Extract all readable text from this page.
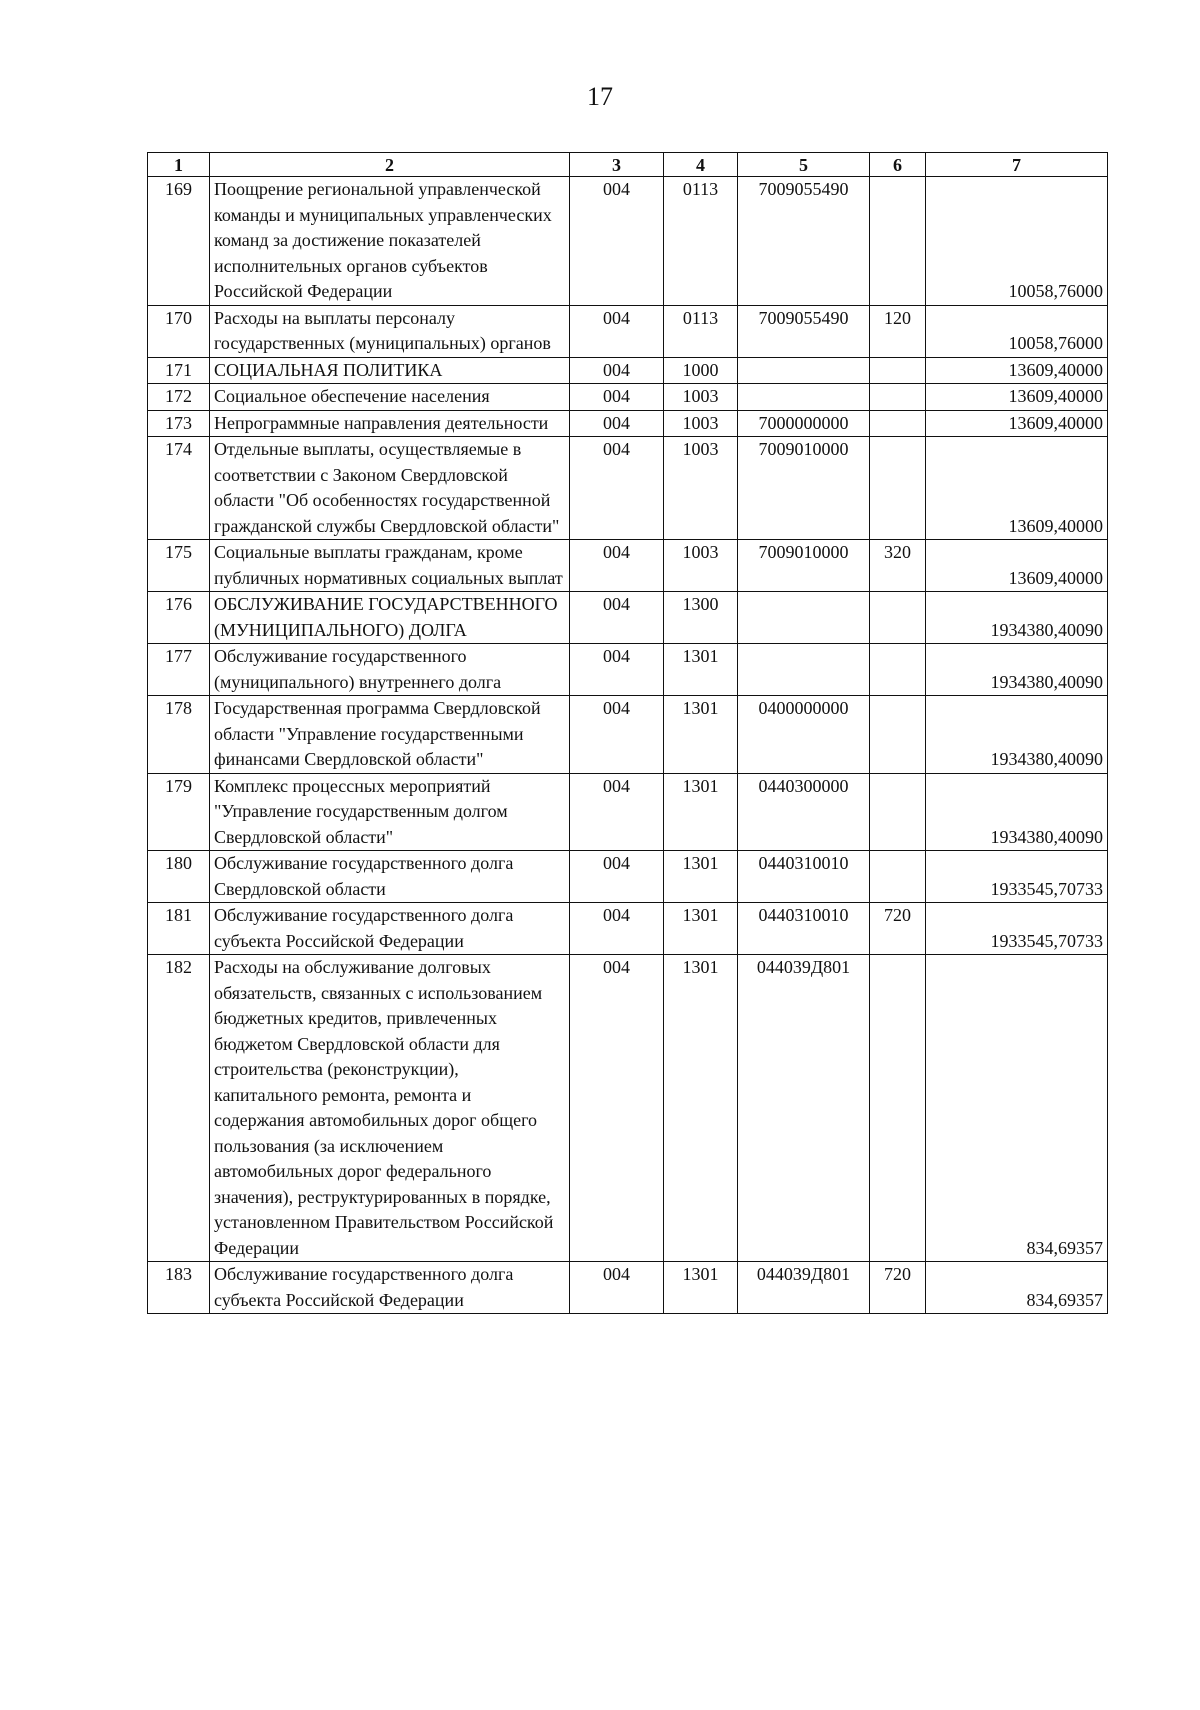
17
1	2	3	4	5	6	7
169	Поощрение региональной управленческой команды и муниципальных управленческих команд за достижение показателей исполнительных органов субъектов Российской Федерации	004	0113	7009055490		10058,76000
170	Расходы на выплаты персоналу государственных (муниципальных) органов	004	0113	7009055490	120	10058,76000
171	СОЦИАЛЬНАЯ ПОЛИТИКА	004	1000			13609,40000
172	Социальное обеспечение населения	004	1003			13609,40000
173	Непрограммные направления деятельности	004	1003	7000000000		13609,40000
174	Отдельные выплаты, осуществляемые в соответствии с Законом Свердловской области "Об особенностях государственной гражданской службы Свердловской области"	004	1003	7009010000		13609,40000
175	Социальные выплаты гражданам, кроме публичных нормативных социальных выплат	004	1003	7009010000	320	13609,40000
176	ОБСЛУЖИВАНИЕ ГОСУДАРСТВЕННОГО (МУНИЦИПАЛЬНОГО) ДОЛГА	004	1300			1934380,40090
177	Обслуживание государственного (муниципального) внутреннего долга	004	1301			1934380,40090
178	Государственная программа Свердловской области "Управление государственными финансами Свердловской области"	004	1301	0400000000		1934380,40090
179	Комплекс процессных мероприятий "Управление государственным долгом Свердловской области"	004	1301	0440300000		1934380,40090
180	Обслуживание государственного долга Свердловской области	004	1301	0440310010		1933545,70733
181	Обслуживание государственного долга субъекта Российской Федерации	004	1301	0440310010	720	1933545,70733
182	Расходы на обслуживание долговых обязательств, связанных с использованием бюджетных кредитов, привлеченных бюджетом Свердловской области для строительства (реконструкции), капитального ремонта, ремонта и содержания автомобильных дорог общего пользования (за исключением автомобильных дорог федерального значения), реструктурированных в порядке, установленном Правительством Российской Федерации	004	1301	044039Д801		834,69357
183	Обслуживание государственного долга субъекта Российской Федерации	004	1301	044039Д801	720	834,69357
